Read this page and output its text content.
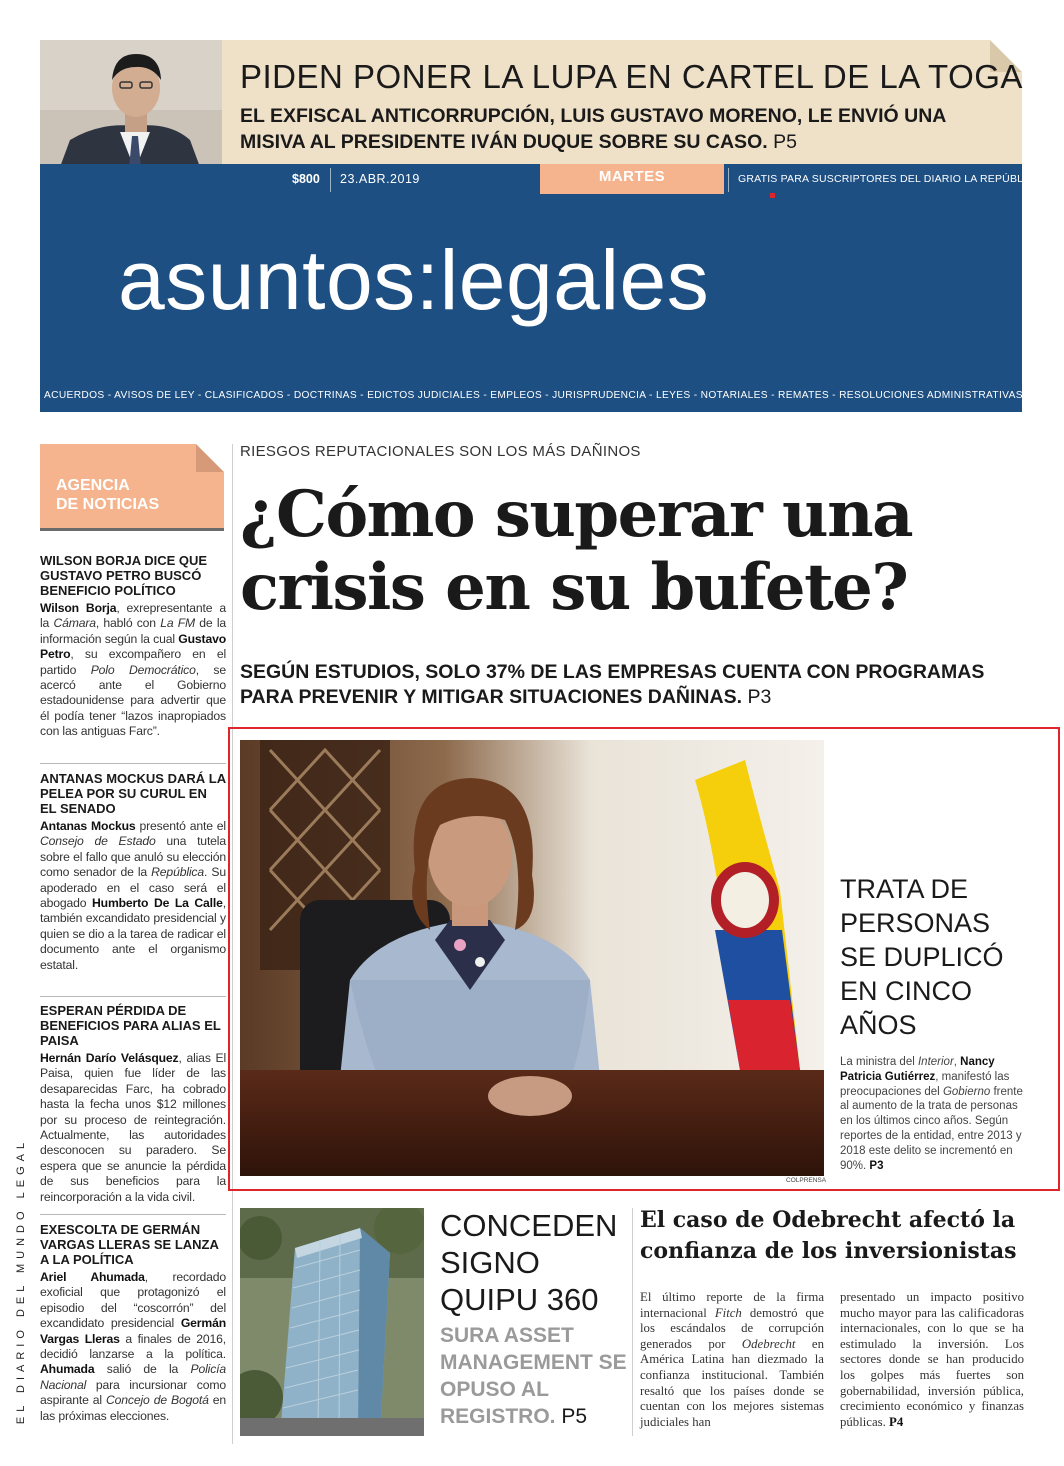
PIDEN PONER LA LUPA EN CARTEL DE LA TOGA
EL EXFISCAL ANTICORRUPCIÓN, LUIS GUSTAVO MORENO, LE ENVIÓ UNA MISIVA AL PRESIDENTE IVÁN DUQUE SOBRE SU CASO. P5
$800 23.ABR.2019	MARTES	GRATIS PARA SUSCRIPTORES DEL DIARIO LA REPÚBLICA
asuntos:legales
ACUERDOS - AVISOS DE LEY - CLASIFICADOS - DOCTRINAS - EDICTOS JUDICIALES - EMPLEOS - JURISPRUDENCIA - LEYES - NOTARIALES - REMATES - RESOLUCIONES ADMINISTRATIVAS
AGENCIA
DE NOTICIAS
WILSON BORJA DICE QUE GUSTAVO PETRO BUSCÓ BENEFICIO POLÍTICO

Wilson Borja, exrepresentante a la Cámara, habló con La FM de la información según la cual Gustavo Petro, su excompañero en el partido Polo Democrático, se acercó ante el Gobierno estadounidense para advertir que él podía tener “lazos inapropiados con las antiguas Farc”.

ANTANAS MOCKUS DARÁ LA PELEA POR SU CURUL EN EL SENADO

Antanas Mockus presentó ante el Consejo de Estado una tutela sobre el fallo que anuló su elección como senador de la República. Su apoderado en el caso será el abogado Humberto De La Calle, también excandidato presidencial y quien se dio a la tarea de radicar el documento ante el organismo estatal.

ESPERAN PÉRDIDA DE BENEFICIOS PARA ALIAS EL PAISA

Hernán Darío Velásquez, alias El Paisa, quien fue líder de las desaparecidas Farc, ha cobrado hasta la fecha unos $12 millones por su proceso de reintegración. Actualmente, las autoridades desconocen su paradero. Se espera que se anuncie la pérdida de sus beneficios para la reincorporación a la vida civil.

EXESCOLTA DE GERMÁN VARGAS LLERAS SE LANZA A LA POLÍTICA

Ariel Ahumada, recordado exoficial que protagonizó el episodio del “coscorrón” del excandidato presidencial Germán Vargas Lleras a finales de 2016, decidió lanzarse a la política. Ahumada salió de la Policía Nacional para incursionar como aspirante al Concejo de Bogotá en las próximas elecciones.

EL DIARIO DEL MUNDO LEGAL
RIESGOS REPUTACIONALES SON LOS MÁS DAÑINOS
¿Cómo superar una
crisis en su bufete?
SEGÚN ESTUDIOS, SOLO 37% DE LAS EMPRESAS CUENTA CON PROGRAMAS PARA PREVENIR Y MITIGAR SITUACIONES DAÑINAS. P3
COLPRENSA
TRATA DE
PERSONAS
SE DUPLICÓ
EN CINCO
AÑOS
La ministra del Interior, Nancy Patricia Gutiérrez, manifestó las preocupaciones del Gobierno frente al aumento de la trata de personas en los últimos cinco años. Según reportes de la entidad, entre 2013 y 2018 este delito se incrementó en 90%. P3
CONCEDEN
SIGNO
QUIPU 360
SURA ASSET MANAGEMENT SE OPUSO AL REGISTRO. P5
El caso de Odebrecht afectó la confianza de los inversionistas
El último reporte de la firma internacional Fitch demostró que los escándalos de corrupción generados por Odebrecht en América Latina han diezmado la confianza institucional. También resaltó que los países donde se cuentan con los mejores sistemas judiciales han
presentado un impacto positivo mucho mayor para las calificadoras internacionales, con lo que se ha estimulado la inversión. Los sectores donde se han producido los golpes más fuertes son gobernabilidad, inversión pública, crecimiento económico y finanzas públicas. P4
